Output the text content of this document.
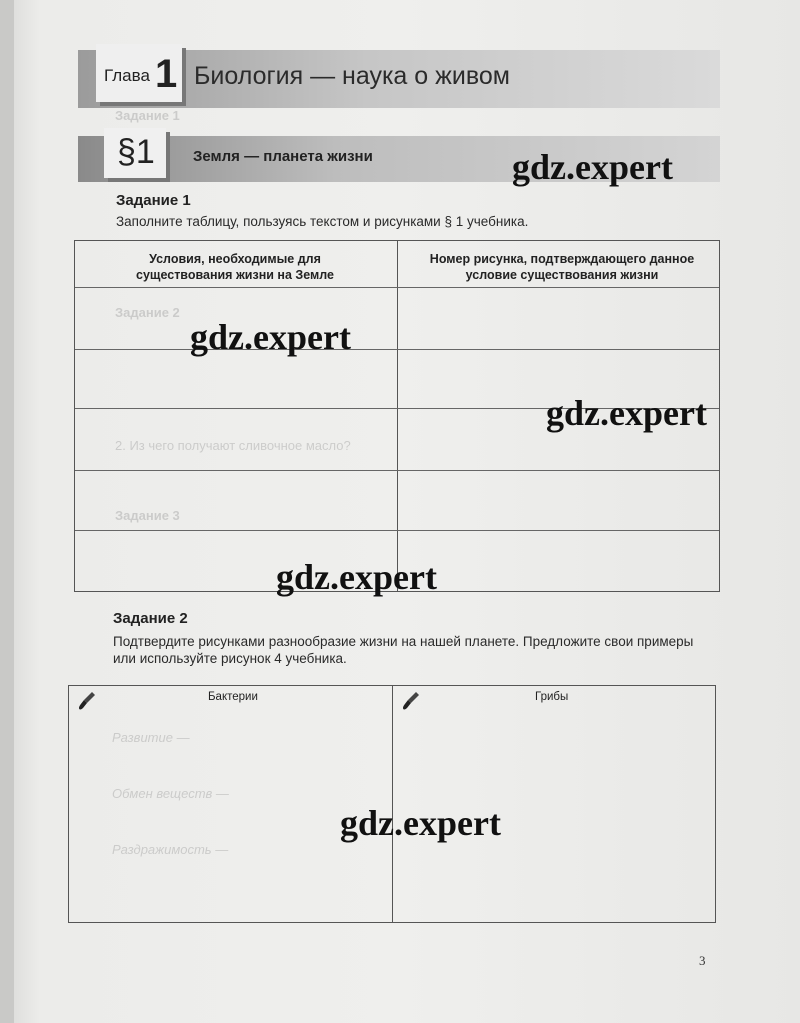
Задание 1
Задание 2
2. Из чего получают сливочное масло?
Задание 3
Развитие —
Обмен веществ —
Раздражимость —
Глава 1 Биология — наука о живом
§1	Земля — планета жизни
Задание 1
Заполните таблицу, пользуясь текстом и рисунками § 1 учебника.
Условия, необходимые для существования жизни на Земле
Номер рисунка, подтверждающего данное условие существования жизни
Задание 2
Подтвердите рисунками разнообразие жизни на нашей планете. Предложите свои примеры или используйте рисунок 4 учебника.
Бактерии	Грибы
gdz.expert
gdz.expert
gdz.expert
gdz.expert
gdz.expert
3
